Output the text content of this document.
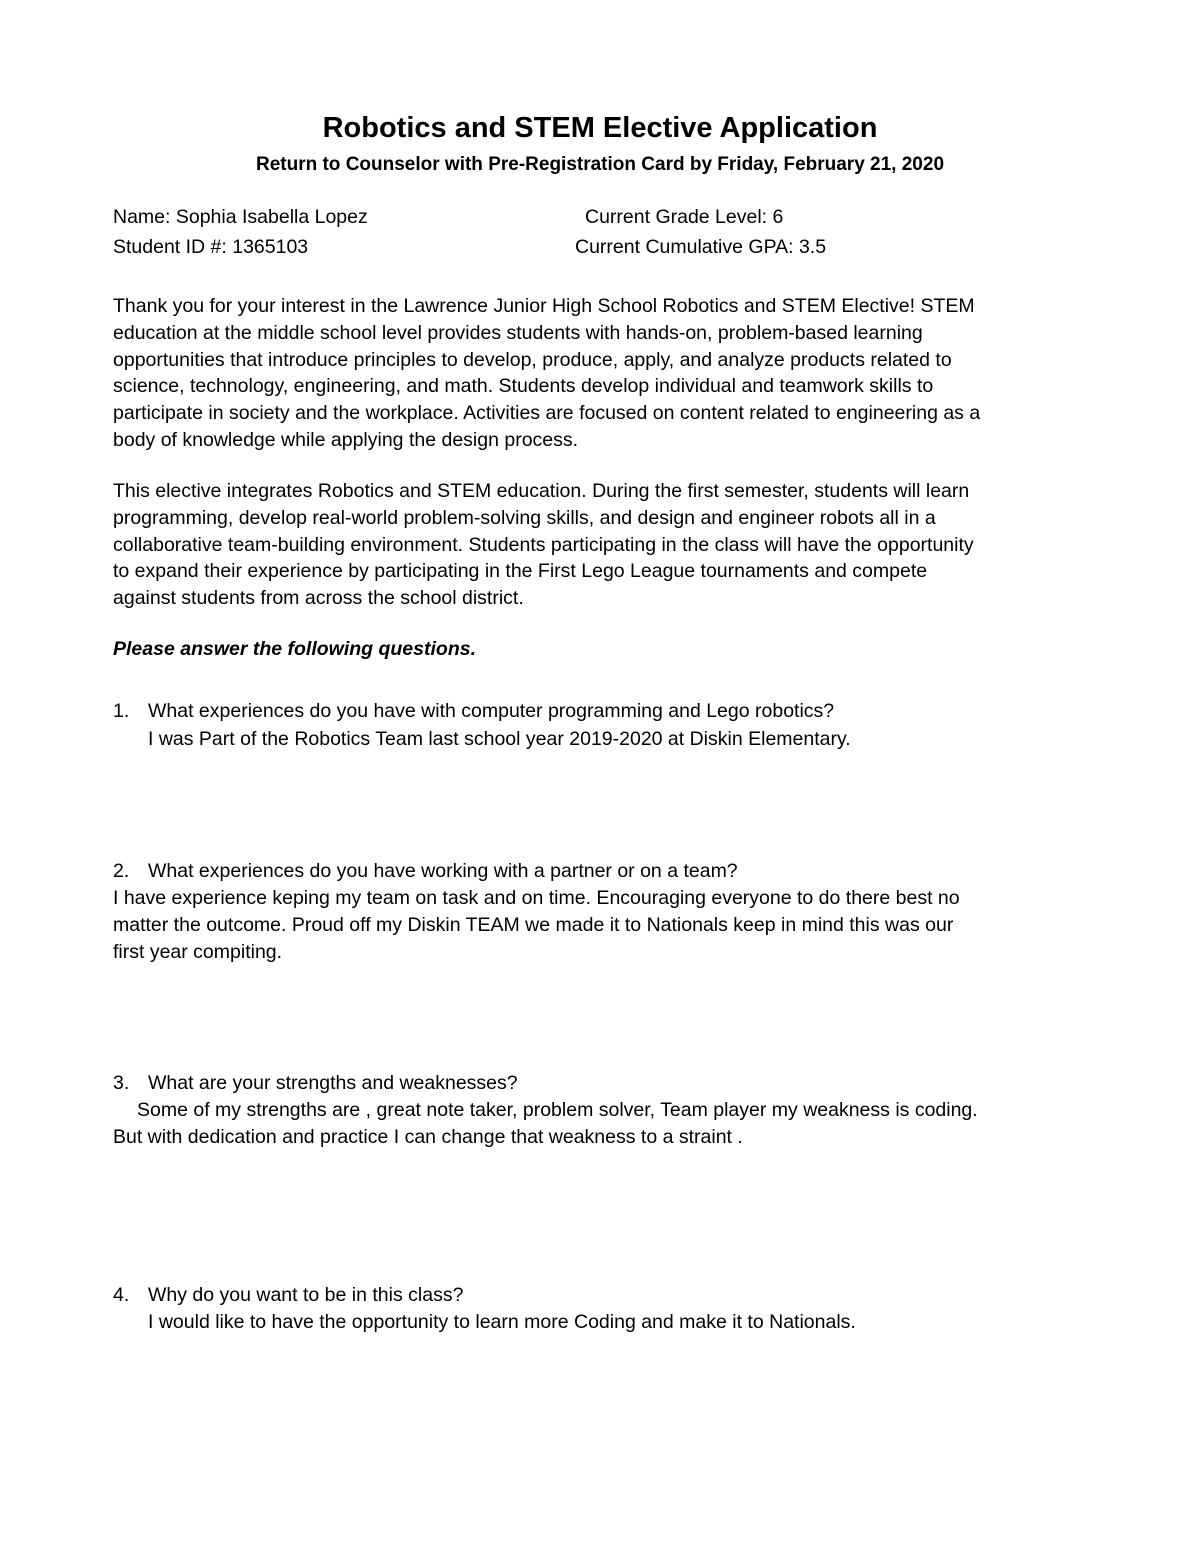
Robotics and STEM Elective Application
Return to Counselor with Pre-Registration Card by Friday, February 21, 2020
Name: Sophia Isabella Lopez	Current Grade Level: 6
Student ID #: 1365103	Current Cumulative GPA: 3.5
Thank you for your interest in the Lawrence Junior High School Robotics and STEM Elective! STEM
education at the middle school level provides students with hands-on, problem-based learning
opportunities that introduce principles to develop, produce, apply, and analyze products related to
science, technology, engineering, and math. Students develop individual and teamwork skills to
participate in society and the workplace. Activities are focused on content related to engineering as a
body of knowledge while applying the design process.
This elective integrates Robotics and STEM education. During the first semester, students will learn
programming, develop real-world problem-solving skills, and design and engineer robots all in a
collaborative team-building environment. Students participating in the class will have the opportunity
to expand their experience by participating in the First Lego League tournaments and compete
against students from across the school district.
Please answer the following questions.
1. What experiences do you have with computer programming and Lego robotics?
I was Part of the Robotics Team last school year 2019-2020 at Diskin Elementary.
2. What experiences do you have working with a partner or on a team?
I have experience keping my team on task and on time. Encouraging everyone to do there best no
matter the outcome. Proud off my Diskin TEAM we made it to Nationals keep in mind this was our
first year compiting.
3. What are your strengths and weaknesses?
Some of my strengths are , great note taker, problem solver, Team player my weakness is coding.
But with dedication and practice I can change that weakness to a straint .
4. Why do you want to be in this class?
I would like to have the opportunity to learn more Coding and make it to Nationals.
